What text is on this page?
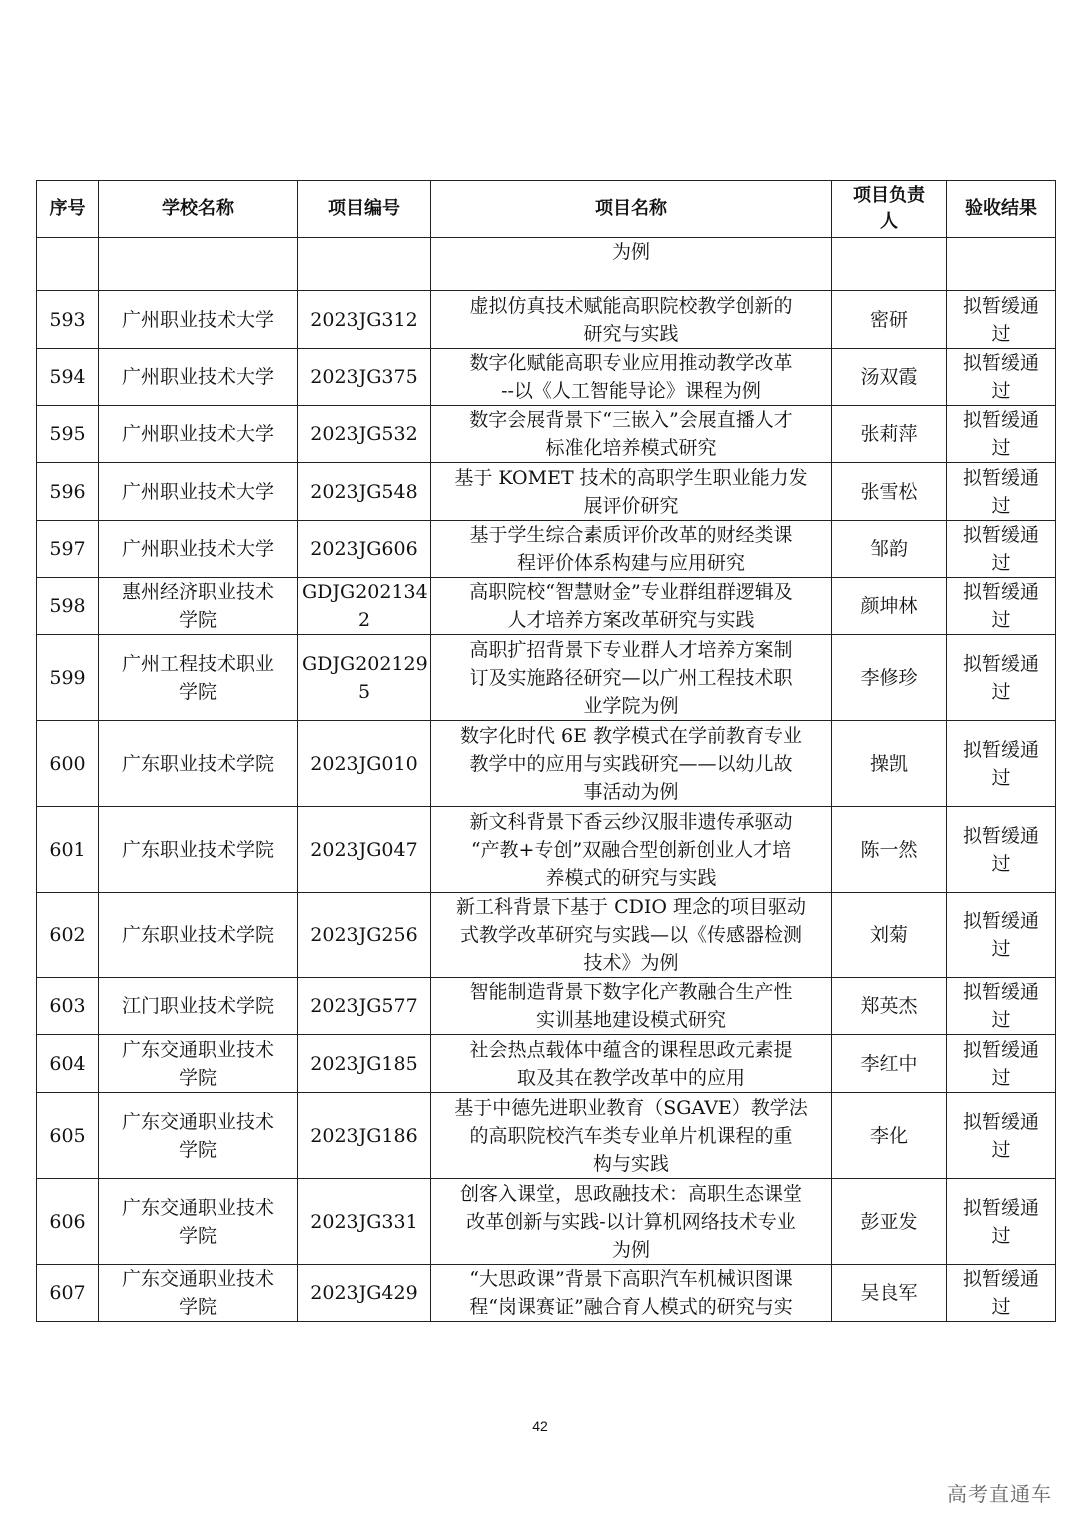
序号	学校名称	项目编号	项目名称	项目负责
人	验收结果
			为例		
593	广州职业技术大学	2023JG312	虚拟仿真技术赋能高职院校教学创新的
研究与实践	密研	拟暂缓通
过
594	广州职业技术大学	2023JG375	数字化赋能高职专业应用推动教学改革
--以《人工智能导论》课程为例	汤双霞	拟暂缓通
过
595	广州职业技术大学	2023JG532	数字会展背景下“三嵌入”会展直播人才
标准化培养模式研究	张莉萍	拟暂缓通
过
596	广州职业技术大学	2023JG548	基于 KOMET 技术的高职学生职业能力发
展评价研究	张雪松	拟暂缓通
过
597	广州职业技术大学	2023JG606	基于学生综合素质评价改革的财经类课
程评价体系构建与应用研究	邹韵	拟暂缓通
过
598	惠州经济职业技术
学院	GDJG202134
2	高职院校“智慧财金”专业群组群逻辑及
人才培养方案改革研究与实践	颜坤林	拟暂缓通
过
599	广州工程技术职业
学院	GDJG202129
5	高职扩招背景下专业群人才培养方案制
订及实施路径研究—以广州工程技术职
业学院为例	李修珍	拟暂缓通
过
600	广东职业技术学院	2023JG010	数字化时代 6E 教学模式在学前教育专业
教学中的应用与实践研究——以幼儿故
事活动为例	操凯	拟暂缓通
过
601	广东职业技术学院	2023JG047	新文科背景下香云纱汉服非遗传承驱动
“产教+专创”双融合型创新创业人才培
养模式的研究与实践	陈一然	拟暂缓通
过
602	广东职业技术学院	2023JG256	新工科背景下基于 CDIO 理念的项目驱动
式教学改革研究与实践—以《传感器检测
技术》为例	刘菊	拟暂缓通
过
603	江门职业技术学院	2023JG577	智能制造背景下数字化产教融合生产性
实训基地建设模式研究	郑英杰	拟暂缓通
过
604	广东交通职业技术
学院	2023JG185	社会热点载体中蕴含的课程思政元素提
取及其在教学改革中的应用	李红中	拟暂缓通
过
605	广东交通职业技术
学院	2023JG186	基于中德先进职业教育（SGAVE）教学法
的高职院校汽车类专业单片机课程的重
构与实践	李化	拟暂缓通
过
606	广东交通职业技术
学院	2023JG331	创客入课堂，思政融技术：高职生态课堂
改革创新与实践-以计算机网络技术专业
为例	彭亚发	拟暂缓通
过
607	广东交通职业技术
学院	2023JG429	“大思政课”背景下高职汽车机械识图课
程“岗课赛证”融合育人模式的研究与实	吴良军	拟暂缓通
过
42
高考直通车
